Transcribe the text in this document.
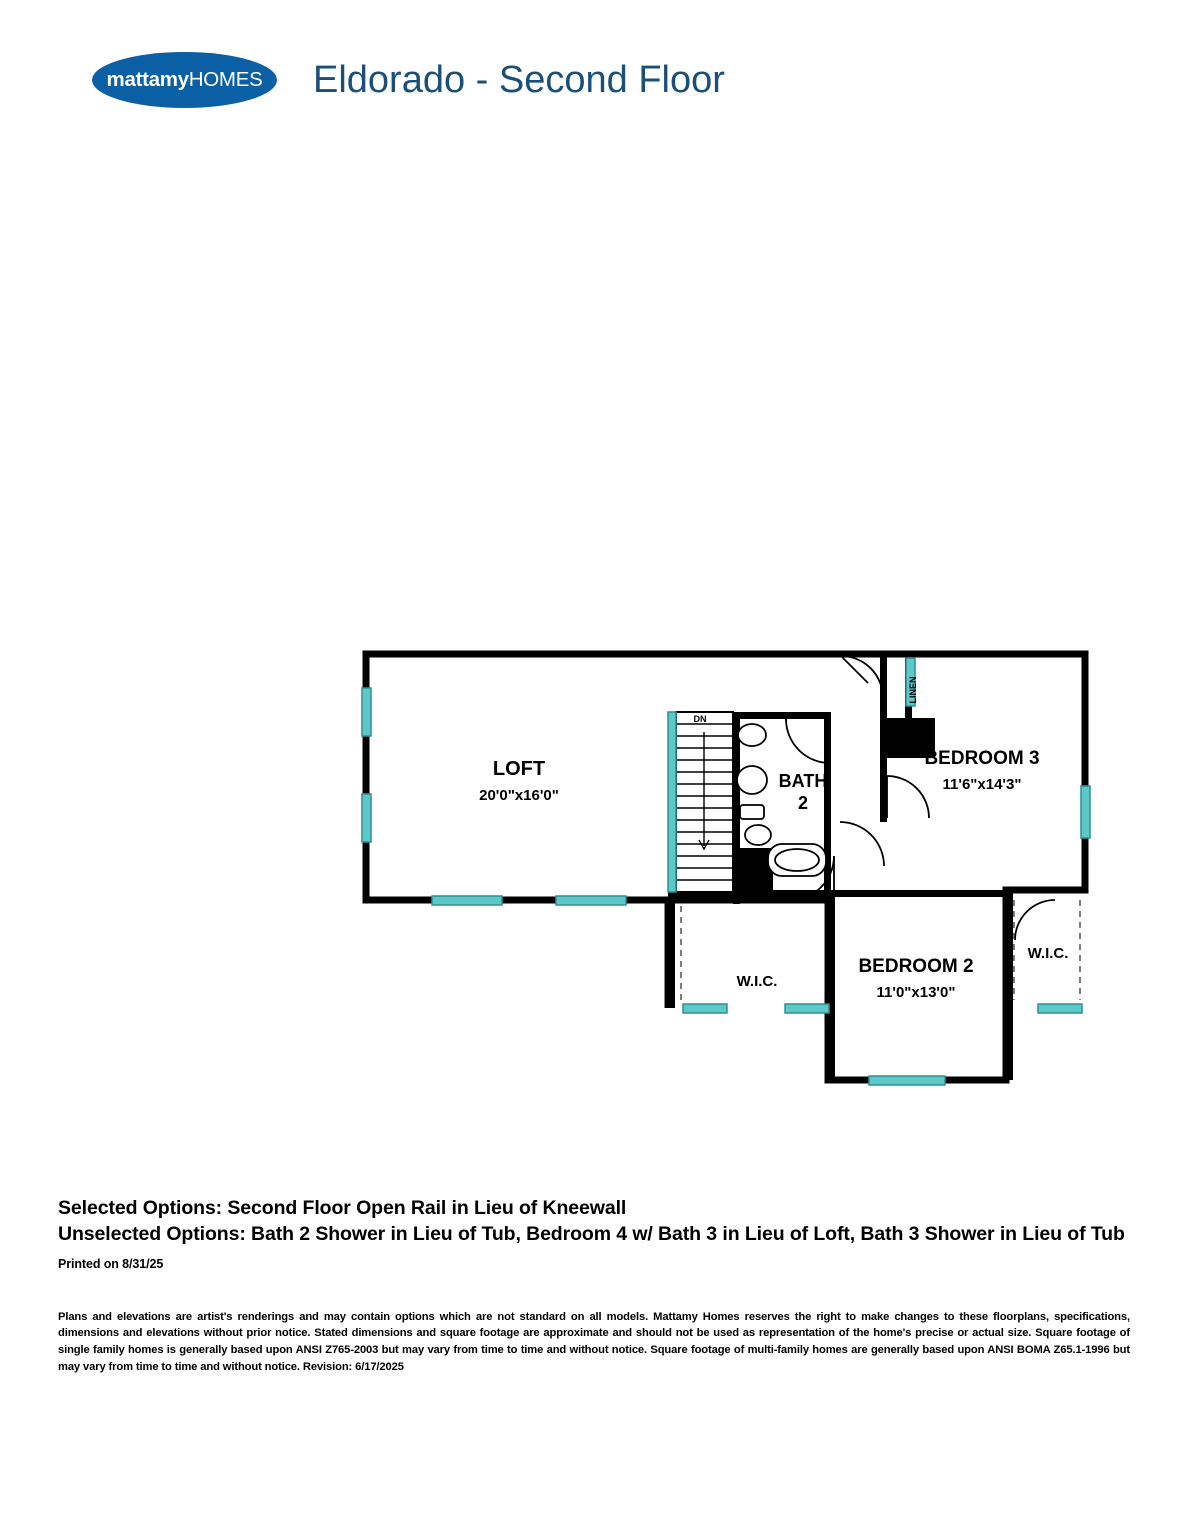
mattamy HOMES Eldorado - Second Floor
LOFT
20'0"x16'0"
BATH
2
BEDROOM 3
11'6"x14'3"
BEDROOM 2
11'0"x13'0"
W.I.C.
W.I.C.
DN
LINEN
Selected Options: Second Floor Open Rail in Lieu of Kneewall
Unselected Options: Bath 2 Shower in Lieu of Tub, Bedroom 4 w/ Bath 3 in Lieu of Loft, Bath 3 Shower in Lieu of Tub
Printed on 8/31/25
Plans and elevations are artist's renderings and may contain options which are not standard on all models. Mattamy Homes reserves the right to make changes to these floorplans, specifications, dimensions and elevations without prior notice. Stated dimensions and square footage are approximate and should not be used as representation of the home's precise or actual size. Square footage of single family homes is generally based upon ANSI Z765-2003 but may vary from time to time and without notice. Square footage of multi-family homes are generally based upon ANSI BOMA Z65.1-1996 but may vary from time to time and without notice. Revision: 6/17/2025
